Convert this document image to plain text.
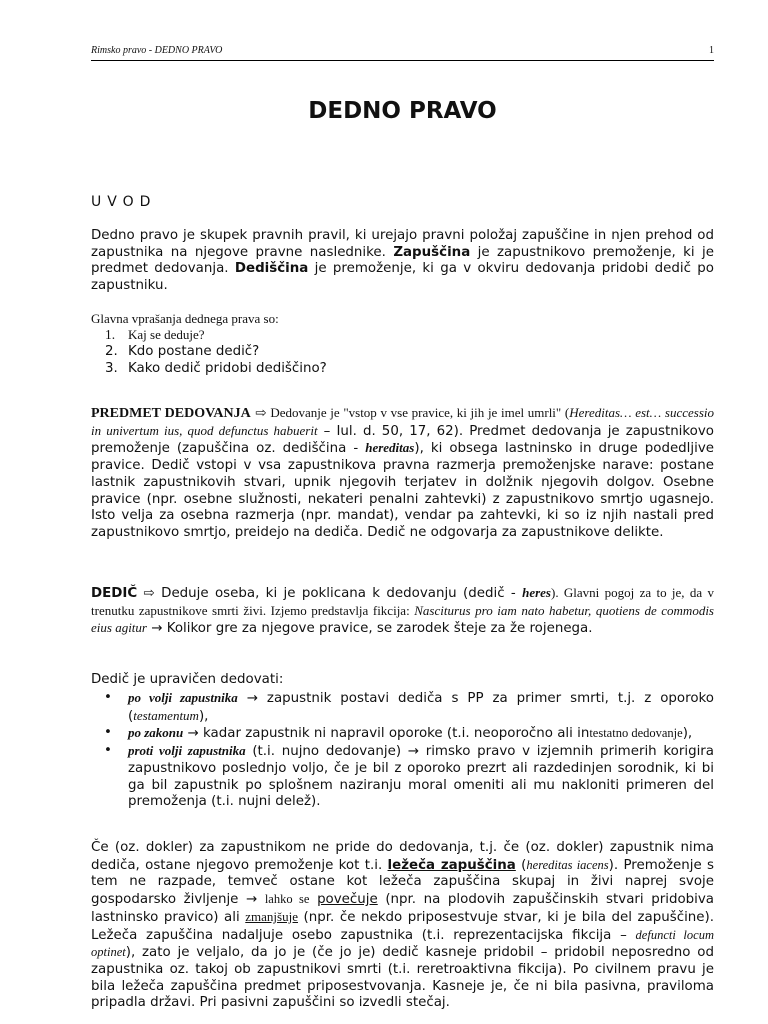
Rimsko pravo - DEDNO PRAVO	1
DEDNO PRAVO

UVOD

Dedno pravo je skupek pravnih pravil, ki urejajo pravni položaj zapuščine in njen prehod od zapustnika na njegove pravne naslednike. Zapuščina je zapustnikovo premoženje, ki je predmet dedovanja. Dediščina je premoženje, ki ga v okviru dedovanja pridobi dedič po zapustniku.

Glavna vprašanja dednega prava so:

1. Kaj se deduje?
2. Kdo postane dedič?
3. Kako dedič pridobi dediščino?

PREDMET DEDOVANJA ⇨ Dedovanje je "vstop v vse pravice, ki jih je imel umrli" (Hereditas… est… successio in univertum ius, quod defunctus habuerit – Iul. d. 50, 17, 62). Predmet dedovanja je zapustnikovo premoženje (zapuščina oz. dediščina - hereditas), ki obsega lastninsko in druge podedljive pravice. Dedič vstopi v vsa zapustnikova pravna razmerja premoženjske narave: postane lastnik zapustnikovih stvari, upnik njegovih terjatev in dolžnik njegovih dolgov. Osebne pravice (npr. osebne služnosti, nekateri penalni zahtevki) z zapustnikovo smrtjo ugasnejo. Isto velja za osebna razmerja (npr. mandat), vendar pa zahtevki, ki so iz njih nastali pred zapustnikovo smrtjo, preidejo na dediča. Dedič ne odgovarja za zapustnikove delikte.

DEDIČ ⇨ Deduje oseba, ki je poklicana k dedovanju (dedič - heres). Glavni pogoj za to je, da v trenutku zapustnikove smrti živi. Izjemo predstavlja fikcija: Nasciturus pro iam nato habetur, quotiens de commodis eius agitur → Kolikor gre za njegove pravice, se zarodek šteje za že rojenega.

Dedič je upravičen dedovati:

• po volji zapustnika → zapustnik postavi dediča s PP za primer smrti, t.j. z oporoko (testamentum),
• po zakonu → kadar zapustnik ni napravil oporoke (t.i. neoporočno ali intestatno dedovanje),
• proti volji zapustnika (t.i. nujno dedovanje) → rimsko pravo v izjemnih primerih korigira zapustnikovo poslednjo voljo, če je bil z oporoko prezrt ali razdedinjen sorodnik, ki bi ga bil zapustnik po splošnem naziranju moral omeniti ali mu nakloniti primeren del premoženja (t.i. nujni delež).

Če (oz. dokler) za zapustnikom ne pride do dedovanja, t.j. če (oz. dokler) zapustnik nima dediča, ostane njegovo premoženje kot t.i. ležeča zapuščina (hereditas iacens). Premoženje s tem ne razpade, temveč ostane kot ležeča zapuščina skupaj in živi naprej svoje gospodarsko življenje → lahko se povečuje (npr. na plodovih zapuščinskih stvari pridobiva lastninsko pravico) ali zmanjšuje (npr. če nekdo priposestvuje stvar, ki je bila del zapuščine). Ležeča zapuščina nadaljuje osebo zapustnika (t.i. reprezentacijska fikcija – defuncti locum optinet), zato je veljalo, da jo je (če jo je) dedič kasneje pridobil – pridobil neposredno od zapustnika oz. takoj ob zapustnikovi smrti (t.i. reretroaktivna fikcija). Po civilnem pravu je bila ležeča zapuščina predmet priposestvovanja. Kasneje je, če ni bila pasivna, praviloma pripadla državi. Pri pasivni zapuščini so izvedli stečaj.
